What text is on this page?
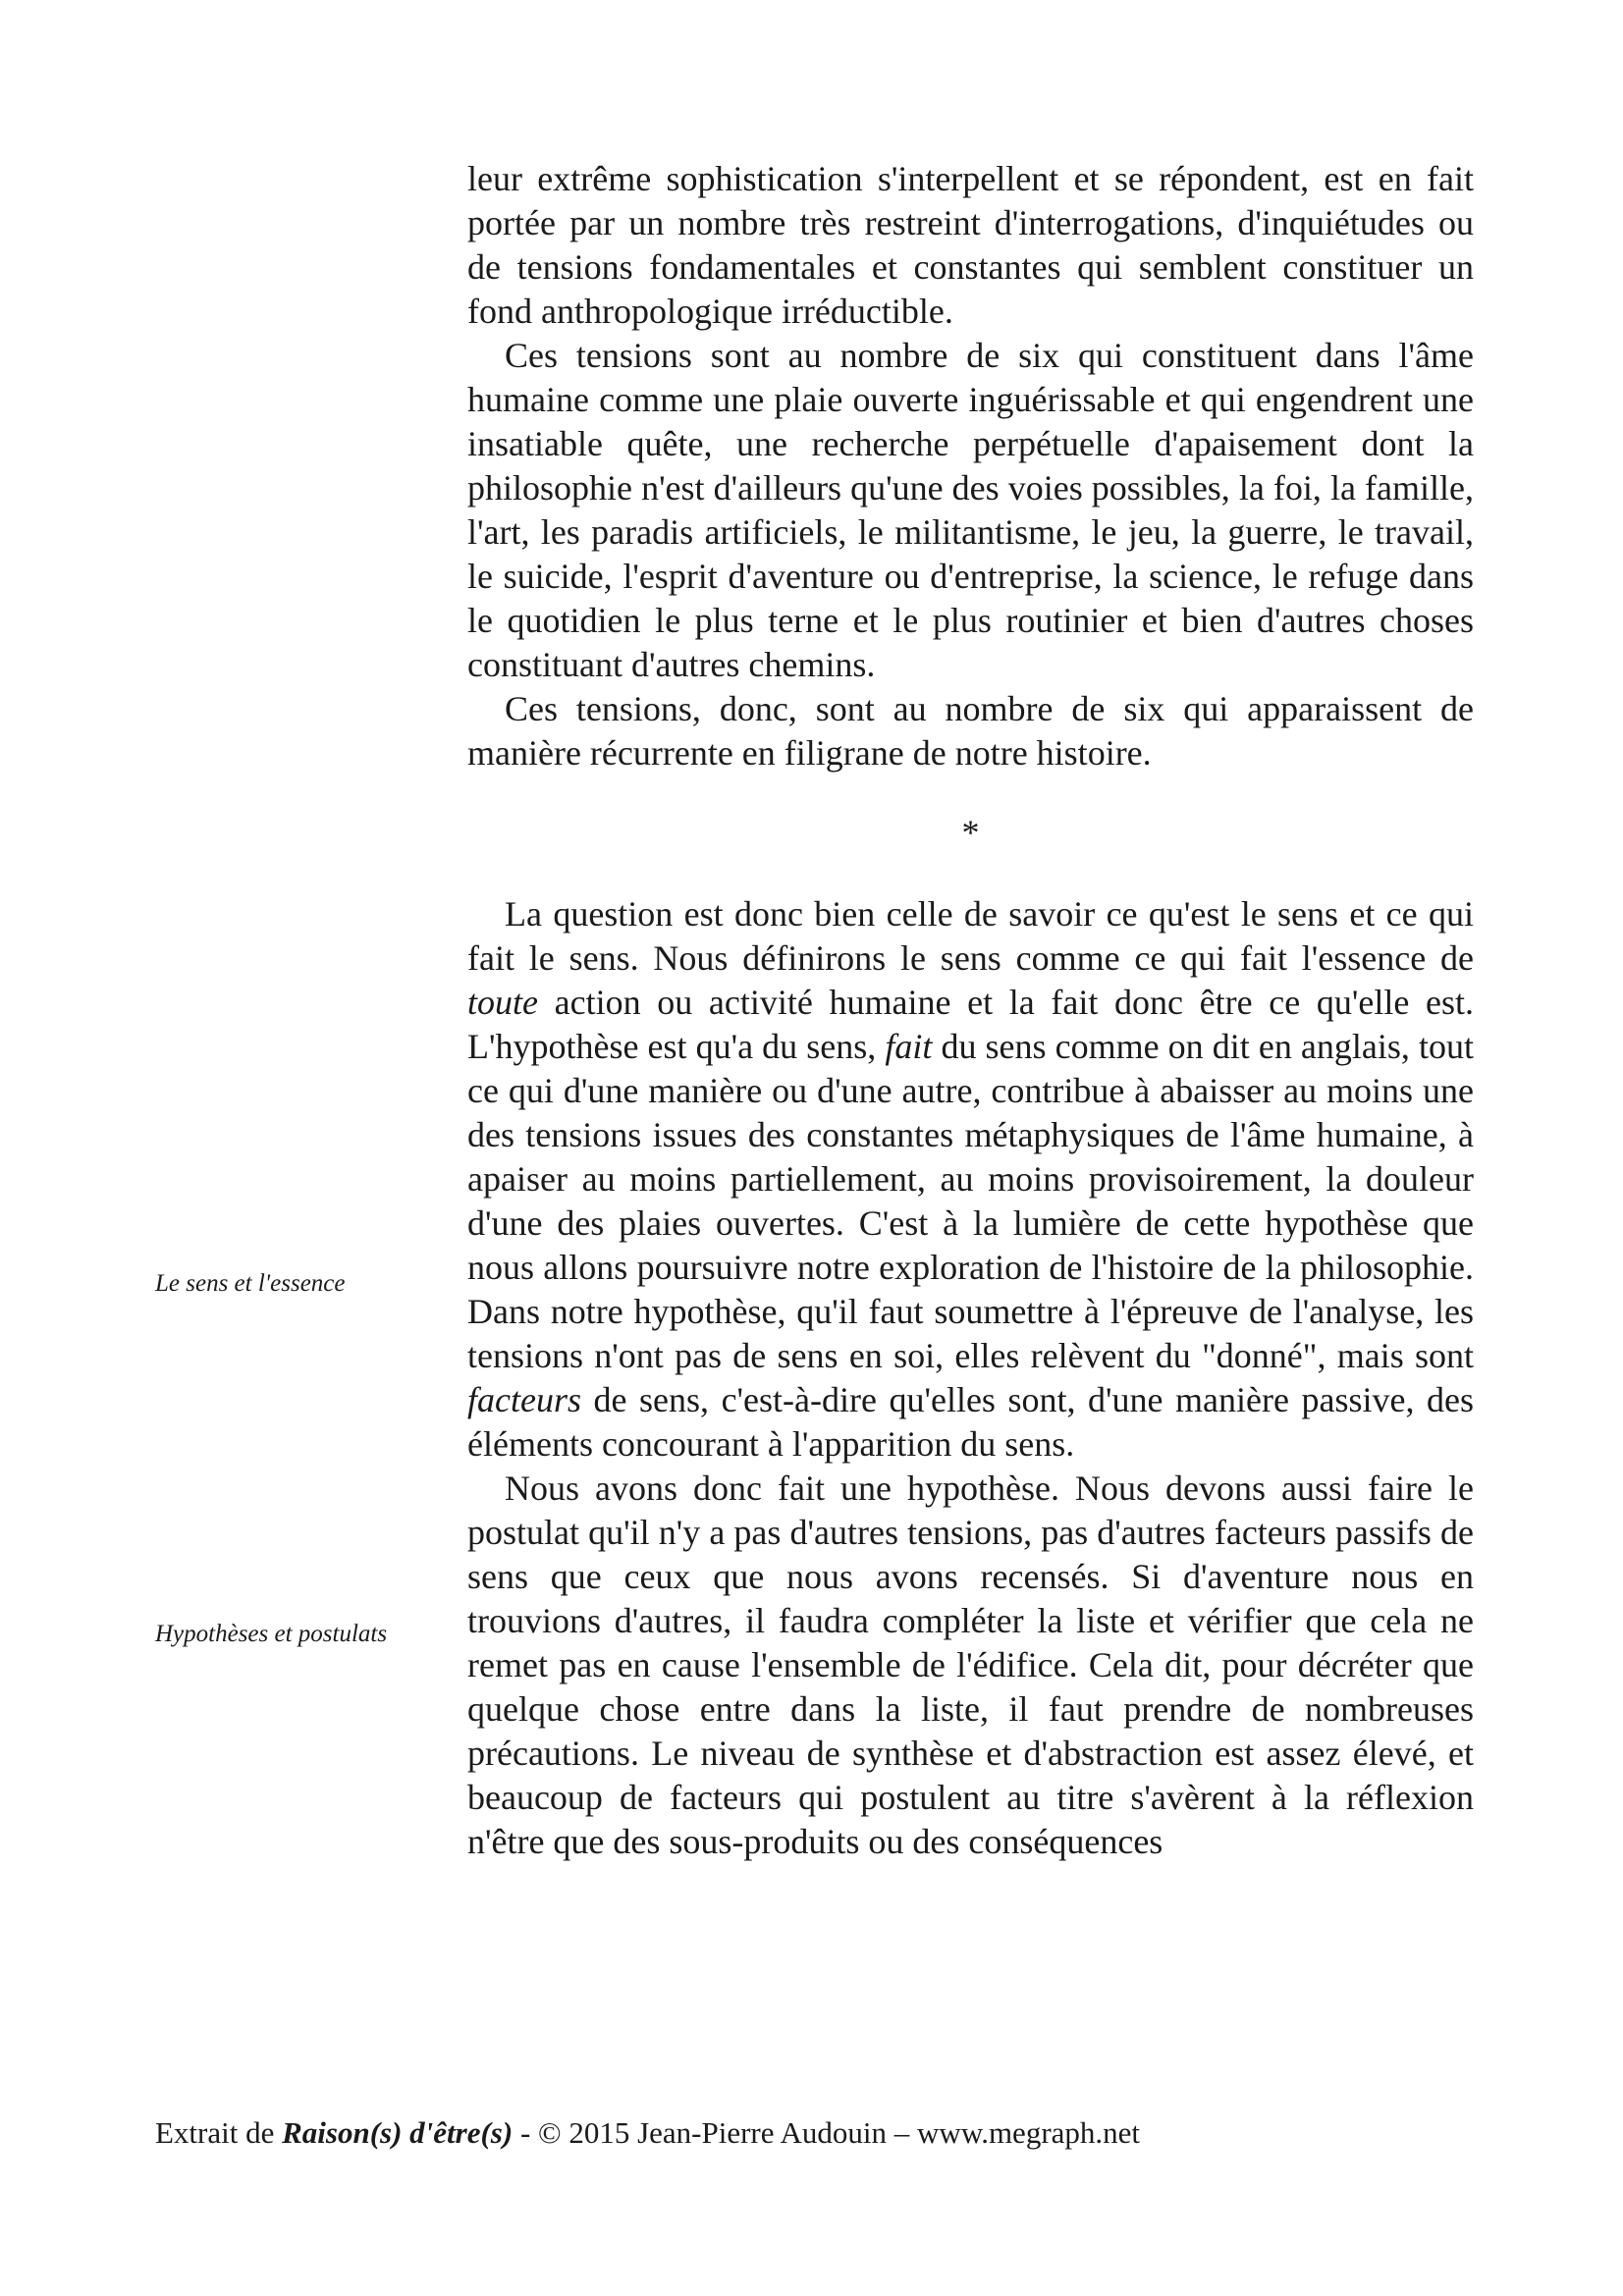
leur extrême sophistication s'interpellent et se répondent, est en fait portée par un nombre très restreint d'interrogations, d'inquiétudes ou de tensions fondamentales et constantes qui semblent constituer un fond anthropologique irréductible.

Ces tensions sont au nombre de six qui constituent dans l'âme humaine comme une plaie ouverte inguérissable et qui engendrent une insatiable quête, une recherche perpétuelle d'apaisement dont la philosophie n'est d'ailleurs qu'une des voies possibles, la foi, la famille, l'art, les paradis artificiels, le militantisme, le jeu, la guerre, le travail, le suicide, l'esprit d'aventure ou d'entreprise, la science, le refuge dans le quotidien le plus terne et le plus routinier et bien d'autres choses constituant d'autres chemins.

Ces tensions, donc, sont au nombre de six qui apparaissent de manière récurrente en filigrane de notre histoire.

*

La question est donc bien celle de savoir ce qu'est le sens et ce qui fait le sens. Nous définirons le sens comme ce qui fait l'essence de toute action ou activité humaine et la fait donc être ce qu'elle est. L'hypothèse est qu'a du sens, fait du sens comme on dit en anglais, tout ce qui d'une manière ou d'une autre, contribue à abaisser au moins une des tensions issues des constantes métaphysiques de l'âme humaine, à apaiser au moins partiellement, au moins provisoirement, la douleur d'une des plaies ouvertes. C'est à la lumière de cette hypothèse que nous allons poursuivre notre exploration de l'histoire de la philosophie. Dans notre hypothèse, qu'il faut soumettre à l'épreuve de l'analyse, les tensions n'ont pas de sens en soi, elles relèvent du "donné", mais sont facteurs de sens, c'est-à-dire qu'elles sont, d'une manière passive, des éléments concourant à l'apparition du sens.

Nous avons donc fait une hypothèse. Nous devons aussi faire le postulat qu'il n'y a pas d'autres tensions, pas d'autres facteurs passifs de sens que ceux que nous avons recensés. Si d'aventure nous en trouvions d'autres, il faudra compléter la liste et vérifier que cela ne remet pas en cause l'ensemble de l'édifice. Cela dit, pour décréter que quelque chose entre dans la liste, il faut prendre de nombreuses précautions. Le niveau de synthèse et d'abstraction est assez élevé, et beaucoup de facteurs qui postulent au titre s'avèrent à la réflexion n'être que des sous-produits ou des conséquences

Le sens et l'essence
Hypothèses et postulats
Extrait de Raison(s) d'être(s) - © 2015 Jean-Pierre Audouin – www.megraph.net
